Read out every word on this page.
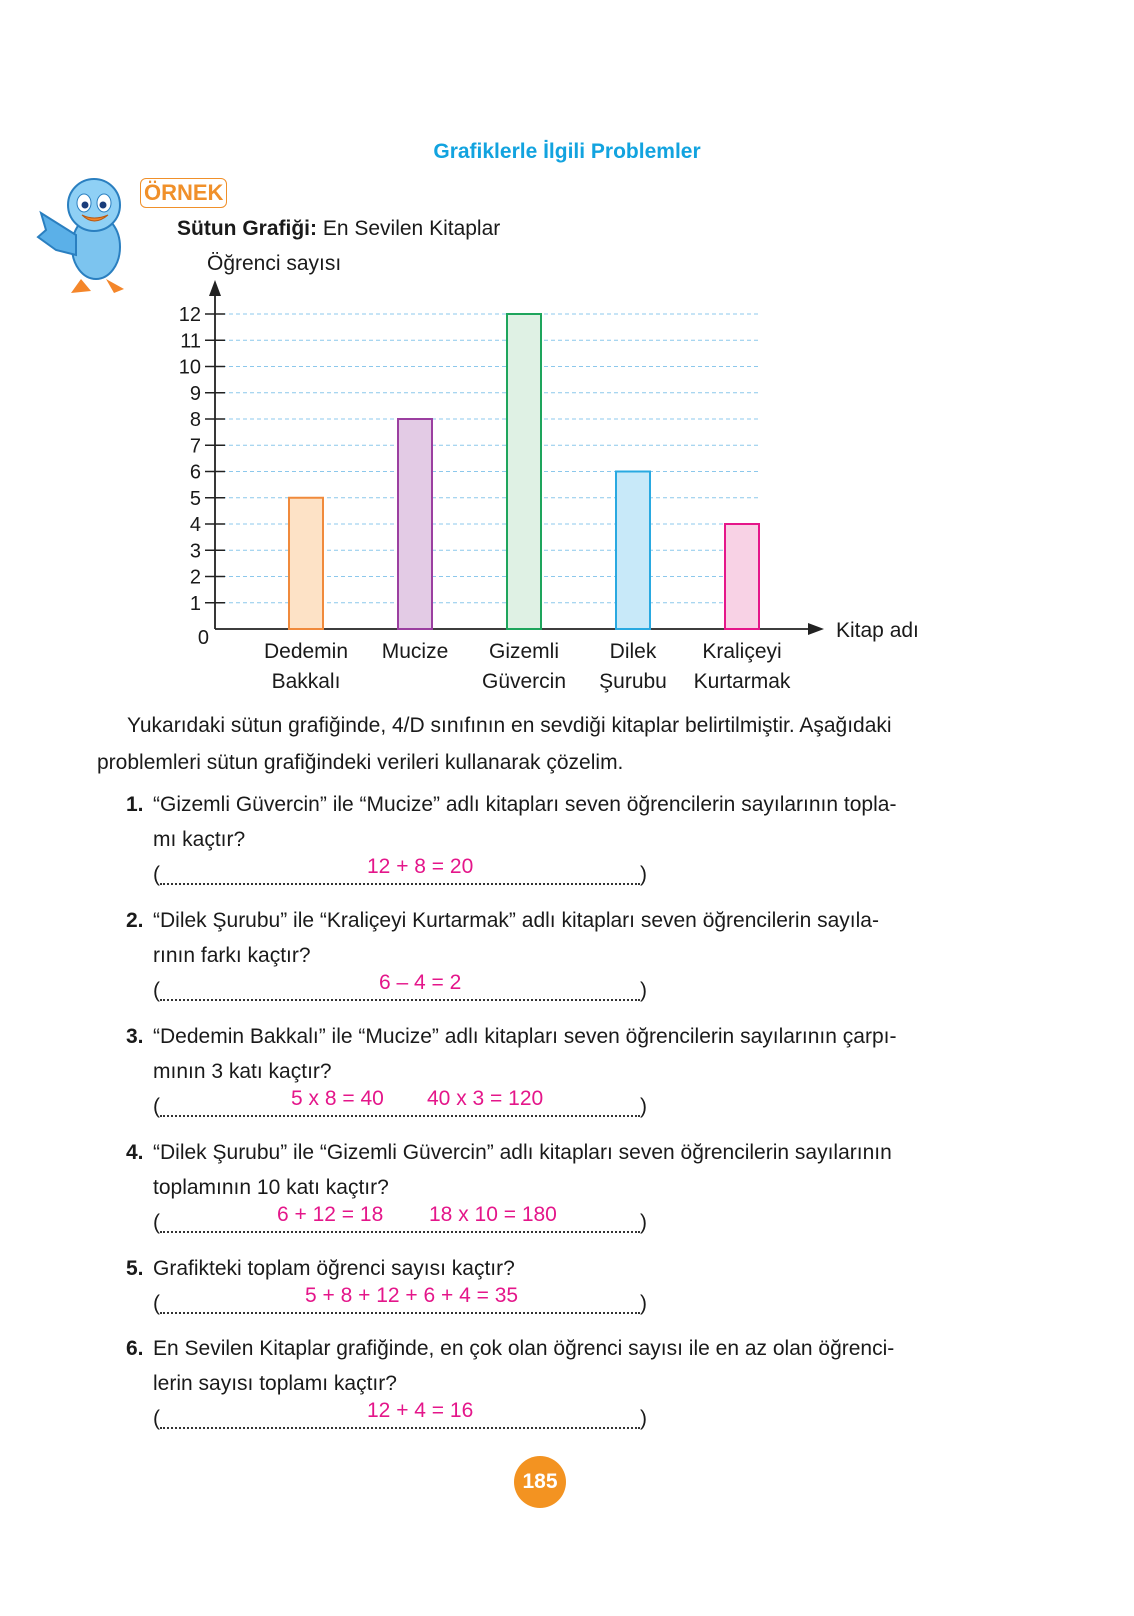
Grafiklerle İlgili Problemler
ÖRNEK
Sütun Grafiği: En Sevilen Kitaplar
Öğrenci sayısı
0
1
2
3
4
5
6
7
8
9
10
11
12
Kitap adı
Dedemin
Bakkalı
Mucize Gizemli
Güvercin
Dilek
Şurubu
Kraliçeyi
Kurtarmak
Yukarıdaki sütun grafiğinde, 4/D sınıfının en sevdiği kitaplar belirtilmiştir. Aşağıdaki
problemleri sütun grafiğindeki verileri kullanarak çözelim.
1. “Gizemli Güvercin” ile “Mucize” adlı kitapları seven öğrencilerin sayılarının topla-
mı kaçtır?
(	)
12 + 8 = 20
2. “Dilek Şurubu” ile “Kraliçeyi Kurtarmak” adlı kitapları seven öğrencilerin sayıla-
rının farkı kaçtır?
(	)
6 – 4 = 2
3. “Dedemin Bakkalı” ile “Mucize” adlı kitapları seven öğrencilerin sayılarının çarpı-
mının 3 katı kaçtır?
(	)
5 x 8 = 40 40 x 3 = 120
4. “Dilek Şurubu” ile “Gizemli Güvercin” adlı kitapları seven öğrencilerin sayılarının
toplamının 10 katı kaçtır?
(	)
6 + 12 = 18 18 x 10 = 180
5. Grafikteki toplam öğrenci sayısı kaçtır?
(	)
5 + 8 + 12 + 6 + 4 = 35
6. En Sevilen Kitaplar grafiğinde, en çok olan öğrenci sayısı ile en az olan öğrenci-
lerin sayısı toplamı kaçtır?
(	)
12 + 4 = 16
185
